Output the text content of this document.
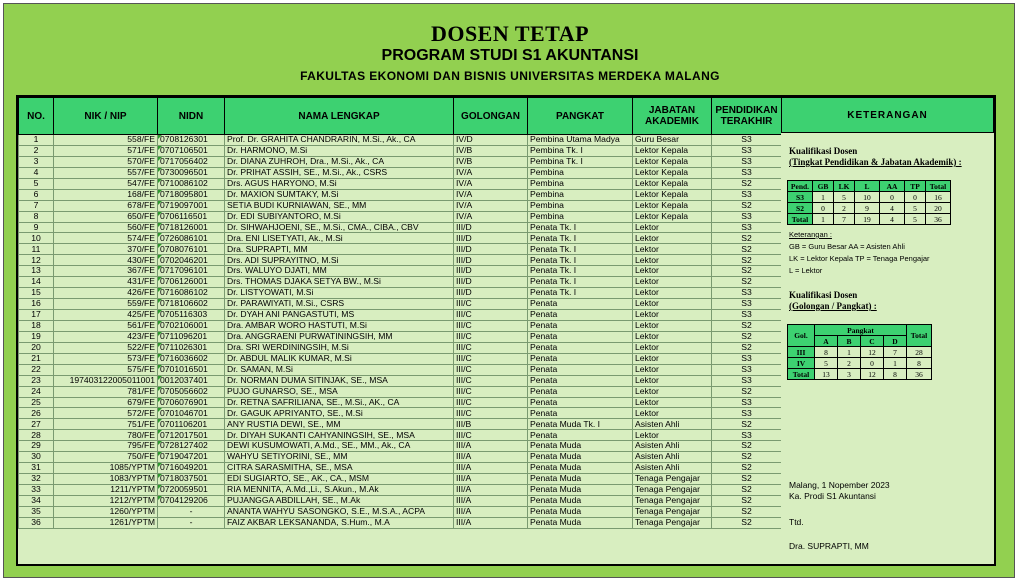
DOSEN TETAP
PROGRAM STUDI S1 AKUNTANSI
FAKULTAS EKONOMI DAN BISNIS UNIVERSITAS MERDEKA MALANG
NO.	NIK / NIP	NIDN	NAMA LENGKAP	GOLONGAN	PANGKAT	JABATAN AKADEMIK	PENDIDIKAN TERAKHIR
1	558/FE	0708126301	Prof. Dr. GRAHITA CHANDRARIN, M.Si., Ak., CA	IV/D	Pembina Utama Madya	Guru Besar	S3
2	571/FE	0707106501	Dr. HARMONO, M.Si	IV/B	Pembina Tk. I	Lektor Kepala	S3
3	570/FE	0717056402	Dr. DIANA ZUHROH, Dra., M.Si., Ak., CA	IV/B	Pembina Tk. I	Lektor Kepala	S3
4	557/FE	0730096501	Dr. PRIHAT ASSIH, SE., M.Si., Ak., CSRS	IV/A	Pembina	Lektor Kepala	S3
5	547/FE	0710086102	Drs. AGUS HARYONO, M.Si	IV/A	Pembina	Lektor Kepala	S2
6	168/FE	0718095801	Dr. MAXION SUMTAKY, M.Si	IV/A	Pembina	Lektor Kepala	S3
7	678/FE	0719097001	SETIA BUDI KURNIAWAN, SE., MM	IV/A	Pembina	Lektor Kepala	S2
8	650/FE	0706116501	Dr. EDI SUBIYANTORO, M.Si	IV/A	Pembina	Lektor Kepala	S3
9	560/FE	0718126001	Dr. SIHWAHJOENI, SE., M.Si., CMA., CIBA., CBV	III/D	Penata Tk. I	Lektor	S3
10	574/FE	0726086101	Dra. ENI LISETYATI, Ak., M.Si	III/D	Penata Tk. I	Lektor	S2
11	370/FE	0708076101	Dra. SUPRAPTI, MM	III/D	Penata Tk. I	Lektor	S2
12	430/FE	0702046201	Drs. ADI SUPRAYITNO, M.Si	III/D	Penata Tk. I	Lektor	S2
13	367/FE	0717096101	Drs. WALUYO DJATI, MM	III/D	Penata Tk. I	Lektor	S2
14	431/FE	0706126001	Drs. THOMAS DJAKA SETYA BW., M.Si	III/D	Penata Tk. I	Lektor	S2
15	426/FE	0716086102	Dr. LISTYOWATI, M.Si	III/D	Penata Tk. I	Lektor	S3
16	559/FE	0718106602	Dr. PARAWIYATI, M.Si., CSRS	III/C	Penata	Lektor	S3
17	425/FE	0705116303	Dr. DYAH ANI PANGASTUTI, MS	III/C	Penata	Lektor	S3
18	561/FE	0702106001	Dra. AMBAR WORO HASTUTI, M.Si	III/C	Penata	Lektor	S2
19	423/FE	0711096201	Dra. ANGGRAENI PURWATININGSIH, MM	III/C	Penata	Lektor	S2
20	522/FE	0711026301	Dra. SRI WERDININGSIH, M.Si	III/C	Penata	Lektor	S2
21	573/FE	0716036602	Dr. ABDUL MALIK KUMAR, M.Si	III/C	Penata	Lektor	S3
22	575/FE	0701016501	Dr. SAMAN, M.Si	III/C	Penata	Lektor	S3
23	197403122005011001	0012037401	Dr. NORMAN DUMA SITINJAK, SE., MSA	III/C	Penata	Lektor	S3
24	781/FE	0705056602	PUJO GUNARSO, SE., MSA	III/C	Penata	Lektor	S2
25	679/FE	0706076901	Dr. RETNA SAFRILIANA, SE., M.Si., AK., CA	III/C	Penata	Lektor	S3
26	572/FE	0701046701	Dr. GAGUK APRIYANTO, SE., M.Si	III/C	Penata	Lektor	S3
27	751/FE	0701106201	ANY RUSTIA DEWI, SE., MM	III/B	Penata Muda Tk. I	Asisten Ahli	S2
28	780/FE	0712017501	Dr. DIYAH SUKANTI CAHYANINGSIH, SE., MSA	III/C	Penata	Lektor	S3
29	795/FE	0728127402	DEWI KUSUMOWATI, A.Md., SE., MM., Ak., CA	III/A	Penata Muda	Asisten Ahli	S2
30	750/FE	0719047201	WAHYU SETIYORINI, SE., MM	III/A	Penata Muda	Asisten Ahli	S2
31	1085/YPTM	0716049201	CITRA SARASMITHA, SE., MSA	III/A	Penata Muda	Asisten Ahli	S2
32	1083/YPTM	0718037501	EDI SUGIARTO, SE., AK., CA., MSM	III/A	Penata Muda	Tenaga Pengajar	S2
33	1211/YPTM	0720059501	RIA MENNITA, A.Md.,Li., S.Akun., M.Ak	III/A	Penata Muda	Tenaga Pengajar	S2
34	1212/YPTM	0704129206	PUJANGGA ABDILLAH, SE., M.Ak	III/A	Penata Muda	Tenaga Pengajar	S2
35	1260/YPTM	-	ANANTA WAHYU SASONGKO, S.E., M.S.A., ACPA	III/A	Penata Muda	Tenaga Pengajar	S2
36	1261/YPTM	-	FAIZ AKBAR LEKSANANDA, S.Hum., M.A	III/A	Penata Muda	Tenaga Pengajar	S2
KETERANGAN
Kualifikasi Dosen
(Tingkat Pendidikan & Jabatan Akademik) :
Pend.	GB	LK	L	AA	TP	Total
S3	1	5	10	0	0	16
S2	0	2	9	4	5	20
Total	1	7	19	4	5	36
Keterangan :
GB = Guru Besar AA = Asisten Ahli
LK = Lektor Kepala TP = Tenaga Pengajar
L = Lektor
Kualifikasi Dosen
(Golongan / Pangkat) :
Gol.	Pangkat				Total
	A	B	C	D	
III	8	1	12	7	28
IV	5	2	0	1	8
Total	13	3	12	8	36
Malang, 1 Nopember 2023
Ka. Prodi S1 Akuntansi
Ttd.
Dra. SUPRAPTI, MM
